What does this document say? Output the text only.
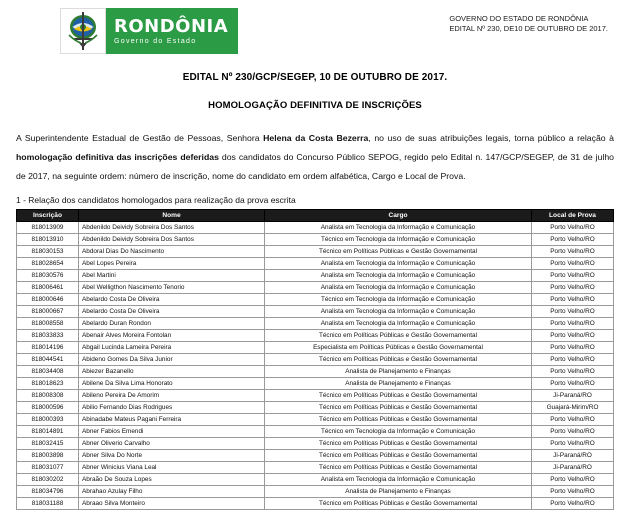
RONDÔNIA
Governo do Estado
GOVERNO DO ESTADO DE RONDÔNIA
EDITAL Nº 230, DE10 DE OUTUBRO DE 2017.
EDITAL Nº 230/GCP/SEGEP, 10 DE OUTUBRO DE 2017.
HOMOLOGAÇÃO DEFINITIVA DE INSCRIÇÕES
A Superintendente Estadual de Gestão de Pessoas, Senhora Helena da Costa Bezerra, no uso de suas atribuições legais, torna público a relação à homologação definitiva das inscrições deferidas dos candidatos do Concurso Público SEPOG, regido pelo Edital n. 147/GCP/SEGEP, de 31 de julho de 2017, na seguinte ordem: número de inscrição, nome do candidato em ordem alfabética, Cargo e Local de Prova.
1 - Relação dos candidatos homologados para realização da prova escrita
Inscrição	Nome	Cargo	Local de Prova
818013909	Abdenildo Deividy Sobreira Dos Santos	Analista em Tecnologia da Informação e Comunicação	Porto Velho/RO
818013910	Abdenildo Deividy Sobreira Dos Santos	Técnico em Tecnologia da Informação e Comunicação	Porto Velho/RO
818030153	Abdoral Dias Do Nascimento	Técnico em Políticas Públicas e Gestão Governamental	Porto Velho/RO
818028654	Abel Lopes Pereira	Analista em Tecnologia da Informação e Comunicação	Porto Velho/RO
818030576	Abel Martini	Analista em Tecnologia da Informação e Comunicação	Porto Velho/RO
818006461	Abel Welligthon Nascimento Tenorio	Analista em Tecnologia da Informação e Comunicação	Porto Velho/RO
818000646	Abelardo Costa De Oliveira	Técnico em Tecnologia da Informação e Comunicação	Porto Velho/RO
818000667	Abelardo Costa De Oliveira	Analista em Tecnologia da Informação e Comunicação	Porto Velho/RO
818008558	Abelardo Duran Rondon	Analista em Tecnologia da Informação e Comunicação	Porto Velho/RO
818033833	Abenair Alves Moreira Fontolan	Técnico em Políticas Públicas e Gestão Governamental	Porto Velho/RO
818014196	Abgail Lucinda Lameira Pereira	Especialista em Políticas Públicas e Gestão Governamental	Porto Velho/RO
818044541	Abideno Gomes Da Silva Junior	Técnico em Políticas Públicas e Gestão Governamental	Porto Velho/RO
818034408	Abiezer Bazanello	Analista de Planejamento e Finanças	Porto Velho/RO
818018623	Abilene Da Silva Lima Honorato	Analista de Planejamento e Finanças	Porto Velho/RO
818008308	Abileno Pereira De Amorim	Técnico em Políticas Públicas e Gestão Governamental	Ji-Paraná/RO
818000596	Abilio Fernando Dias Rodrigues	Técnico em Políticas Públicas e Gestão Governamental	Guajará-Mirim/RO
818000393	Abinadabe Mateus Pagani Ferreira	Técnico em Políticas Públicas e Gestão Governamental	Porto Velho/RO
818014891	Abner Fabios Emendi	Técnico em Tecnologia da Informação e Comunicação	Porto Velho/RO
818032415	Abner Oliverio Carvalho	Técnico em Políticas Públicas e Gestão Governamental	Porto Velho/RO
818003898	Abner Silva Do Norte	Técnico em Políticas Públicas e Gestão Governamental	Ji-Paraná/RO
818031077	Abner Winicius Viana Leal	Técnico em Políticas Públicas e Gestão Governamental	Ji-Paraná/RO
818030202	Abraão De Souza Lopes	Analista em Tecnologia da Informação e Comunicação	Porto Velho/RO
818034796	Abrahao Azulay Filho	Analista de Planejamento e Finanças	Porto Velho/RO
818031188	Abraao Silva Monteiro	Técnico em Políticas Públicas e Gestão Governamental	Porto Velho/RO
